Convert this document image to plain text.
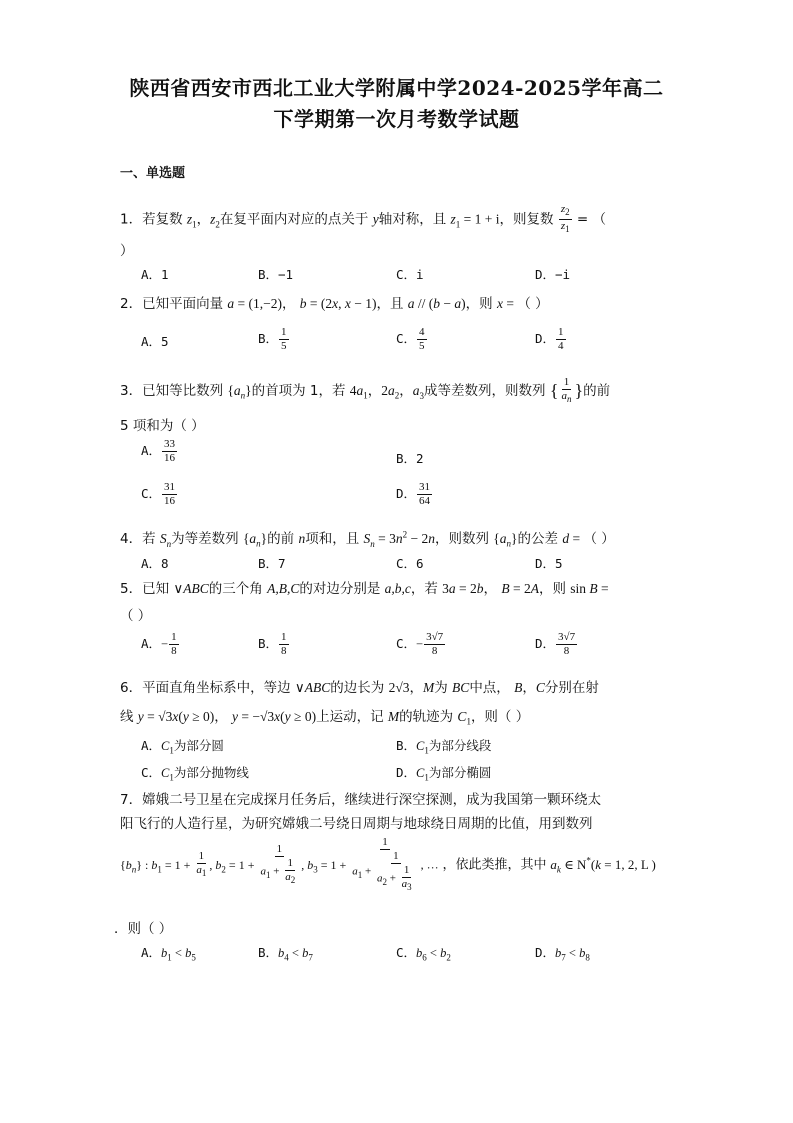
陕西省西安市西北工业大学附属中学2024-2025学年高二
下学期第一次月考数学试题
一、单选题
1．若复数 $z_1$，$z_2$在复平面内对应的点关于 y轴对称，且 $z_1 = 1 + i$，则复数 $\frac{z_2}{z_1}$ = （
）
A．1	B．−1	C．i	D．−i
2．已知平面向量 a = (1,−2)， b = (2x, x − 1)，且 a // (b − a)，则 x = （ ）
A．5	B． $\frac{1}{5}$	C． $\frac{4}{5}$	D． $\frac{1}{4}$
3．已知等比数列 $\{a_n\}$的首项为 1，若 $4a_1$，$2a_2$，$a_3$成等差数列，则数列 { $\frac{1}{a_n}$ }的前
5 项和为（ ）
A． $\frac{33}{16}$	B．2
C． $\frac{31}{16}$	D． $\frac{31}{64}$
4．若 $S_n$为等差数列 $\{a_n\}$的前 n项和，且 $S_n = 3n^2 - 2n$，则数列 $\{a_n\}$的公差 d = （ ）
A．8	B．7	C．6	D．5
5．已知 ∨ABC的三个角 A,B,C的对边分别是 a,b,c，若 3a = 2b， B = 2A，则 sin B =
（ ）
A．− $\frac{1}{8}$	B． $\frac{1}{8}$	C．− $\frac{3√7}{8}$	D． $\frac{3√7}{8}$
6．平面直角坐标系中，等边 ∨ABC的边长为 2√3，M为 BC中点， B，C分别在射
线 y = √3x(y ≥ 0)， y = −√3x(y ≥ 0)上运动，记 M的轨迹为 $C_1$，则（ ）
A．$C_1$为部分圆	B．$C_1$为部分线段
C．$C_1$为部分抛物线	D．$C_1$为部分椭圆
7．嫦娥二号卫星在完成探月任务后，继续进行深空探测，成为我国第一颗环绕太
阳飞行的人造行星，为研究嫦娥二号绕日周期与地球绕日周期的比值，用到数列
$\{b_n\}$ : $b_1 = 1 + \frac{1}{a_1}$ , $b_2 = 1 + \frac{1}{a_1 + \frac{1}{a_2}}$ , $b_3 = 1 + \frac{1}{a_1 + \frac{1}{a_2 + \frac{1}{a_3}}}$ , … ，依此类推，其中 $a_k$ ∈ N*(k = 1, 2, L )
．则（ ）
A．$b_1 < b_5$	B．$b_4 < b_7$	C．$b_6 < b_2$	D．$b_7 < b_8$
